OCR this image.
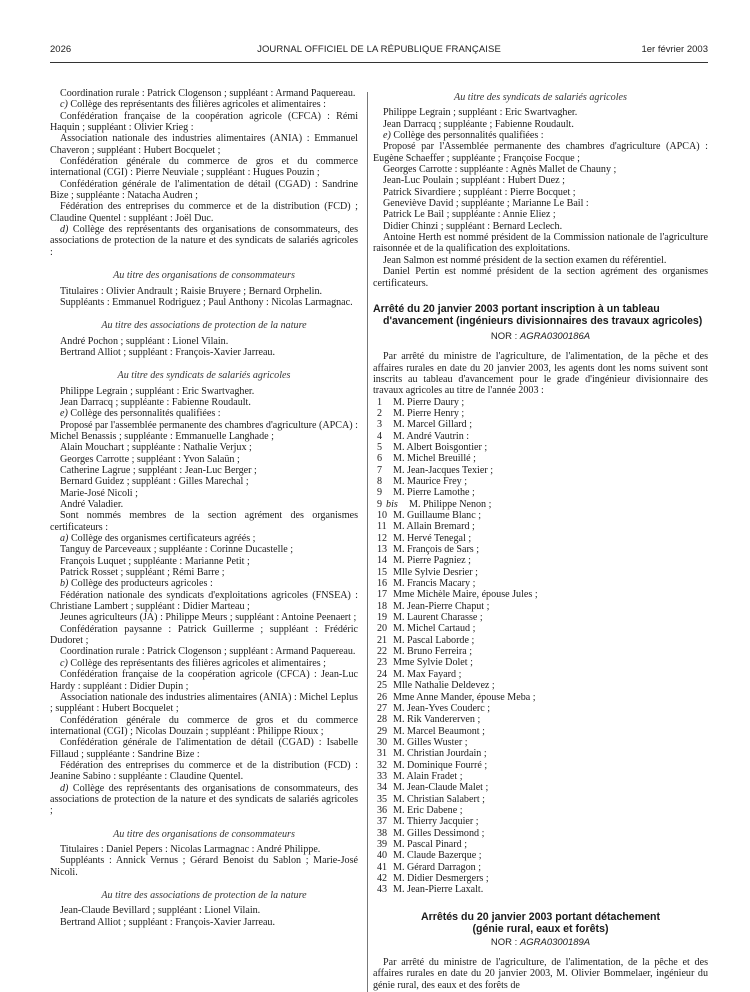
2026	JOURNAL OFFICIEL DE LA RÉPUBLIQUE FRANÇAISE	1er février 2003

Coordination rurale : Patrick Clogenson ; suppléant : Armand Paquereau.

c) Collège des représentants des filières agricoles et alimentaires :

Confédération française de la coopération agricole (CFCA) : Rémi Haquin ; suppléant : Olivier Krieg :

Association nationale des industries alimentaires (ANIA) : Emmanuel Chaveron ; suppléant : Hubert Bocquelet ;

Confédération générale du commerce de gros et du commerce international (CGI) : Pierre Neuviale ; suppléant : Hugues Pouzin ;

Confédération générale de l'alimentation de détail (CGAD) : Sandrine Bize ; suppléante : Natacha Audren ;

Fédération des entreprises du commerce et de la distribution (FCD) ; Claudine Quentel : suppléant : Joël Duc.

d) Collège des représentants des organisations de consommateurs, des associations de protection de la nature et des syndicats de salariés agricoles :

Au titre des organisations de consommateurs

Titulaires : Olivier Andrault ; Raisie Bruyere ; Bernard Orphelin.

Suppléants : Emmanuel Rodriguez ; Paul Anthony : Nicolas Larmagnac.

Au titre des associations de protection de la nature

André Pochon ; suppléant : Lionel Vilain.

Bertrand Alliot ; suppléant : François-Xavier Jarreau.

Au titre des syndicats de salariés agricoles

Philippe Legrain ; suppléant : Eric Swartvagher.

Jean Darracq ; suppléante : Fabienne Roudault.

e) Collège des personnalités qualifiées :

Proposé par l'assemblée permanente des chambres d'agriculture (APCA) : Michel Benassis ; suppléante : Emmanuelle Langhade ;

Alain Mouchart ; suppléante : Nathalie Verjux ;

Georges Carrotte ; suppléant : Yvon Salaün ;

Catherine Lagrue ; suppléant : Jean-Luc Berger ;

Bernard Guidez ; suppléant : Gilles Marechal ;

Marie-José Nicoli ;

André Valadier.

Sont nommés membres de la section agrément des organismes certificateurs :

a) Collège des organismes certificateurs agréés ;

Tanguy de Parceveaux ; suppléante : Corinne Ducastelle ;

François Luquet ; suppléante : Marianne Petit ;

Patrick Rosset ; suppléant ; Rémi Barre ;

b) Collège des producteurs agricoles :

Fédération nationale des syndicats d'exploitations agricoles (FNSEA) : Christiane Lambert ; suppléant : Didier Marteau ;

Jeunes agriculteurs (JA) : Philippe Meurs ; suppléant : Antoine Peenaert ;

Confédération paysanne : Patrick Guillerme ; suppléant : Frédéric Dudoret ;

Coordination rurale : Patrick Clogenson ; suppléant : Armand Paquereau.

c) Collège des représentants des filières agricoles et alimentaires ;

Confédération française de la coopération agricole (CFCA) : Jean-Luc Hardy : suppléant : Didier Dupin ;

Association nationale des industries alimentaires (ANIA) : Michel Leplus ; suppléant : Hubert Bocquelet ;

Confédération générale du commerce de gros et du commerce international (CGI) ; Nicolas Douzain ; suppléant : Philippe Rioux ;

Confédération générale de l'alimentation de détail (CGAD) : Isabelle Fillaud ; suppléante : Sandrine Bize :

Fédération des entreprises du commerce et de la distribution (FCD) : Jeanine Sabino : suppléante : Claudine Quentel.

d) Collège des représentants des organisations de consommateurs, des associations de protection de la nature et des syndicats de salariés agricoles ;

Au titre des organisations de consommateurs

Titulaires : Daniel Pepers : Nicolas Larmagnac : André Philippe.

Suppléants : Annick Vernus ; Gérard Benoist du Sablon ; Marie-José Nicoli.

Au titre des associations de protection de la nature

Jean-Claude Bevillard ; suppléant : Lionel Vilain.

Bertrand Alliot ; suppléant : François-Xavier Jarreau.

Au titre des syndicats de salariés agricoles

Philippe Legrain ; suppléant : Eric Swartvagher.

Jean Darracq ; suppléante ; Fabienne Roudault.

e) Collège des personnalités qualifiées :

Proposé par l'Assemblée permanente des chambres d'agriculture (APCA) : Eugène Schaeffer ; suppléante ; Françoise Focque ;

Georges Carrotte : suppléante : Agnès Mallet de Chauny ;

Jean-Luc Poulain ; suppléant : Hubert Duez ;

Patrick Sivardiere ; suppléant : Pierre Bocquet ;

Geneviève David ; suppléante ; Marianne Le Bail :

Patrick Le Bail ; suppléante : Annie Eliez ;

Didier Chinzi ; suppléant : Bernard Leclech.

Antoine Herth est nommé président de la Commission nationale de l'agriculture raisonnée et de la qualification des exploitations.

Jean Salmon est nommé président de la section examen du référentiel.

Daniel Pertin est nommé président de la section agrément des organismes certificateurs.

Arrêté du 20 janvier 2003 portant inscription à un tableau
d'avancement (ingénieurs divisionnaires des travaux agricoles)
NOR : AGRA0300186A

Par arrêté du ministre de l'agriculture, de l'alimentation, de la pêche et des affaires rurales en date du 20 janvier 2003, les agents dont les noms suivent sont inscrits au tableau d'avancement pour le grade d'ingénieur divisionnaire des travaux agricoles au titre de l'année 2003 :

1	M. Pierre Daury ;
2	M. Pierre Henry ;
3	M. Marcel Gillard ;
4	M. André Vautrin :
5	M. Albert Boisgontier ;
6	M. Michel Breuillé ;
7	M. Jean-Jacques Texier ;
8	M. Maurice Frey ;
9	M. Pierre Lamothe ;
9 bis	M. Philippe Nenon ;
10 M. Guillaume Blanc ;
11 M. Allain Bremard ;
12 M. Hervé Tenegal ;
13 M. François de Sars ;
14 M. Pierre Pagniez ;
15 Mlle Sylvie Desrier ;
16 M. Francis Macary ;
17 Mme Michèle Maire, épouse Jules ;
18 M. Jean-Pierre Chaput ;
19 M. Laurent Charasse ;
20 M. Michel Cartaud ;
21 M. Pascal Laborde ;
22 M. Bruno Ferreira ;
23 Mme Sylvie Dolet ;
24 M. Max Fayard ;
25 Mlle Nathalie Deldevez ;
26 Mme Anne Mander, épouse Meba ;
27 M. Jean-Yves Couderc ;
28 M. Rik Vandererven ;
29 M. Marcel Beaumont ;
30 M. Gilles Wuster ;
31 M. Christian Jourdain ;
32 M. Dominique Fourré ;
33 M. Alain Fradet ;
34 M. Jean-Claude Malet ;
35 M. Christian Salabert ;
36 M. Eric Dabene ;
37 M. Thierry Jacquier ;
38 M. Gilles Dessimond ;
39 M. Pascal Pinard ;
40 M. Claude Bazerque ;
41 M. Gérard Darragon ;
42 M. Didier Desmergers ;
43 M. Jean-Pierre Laxalt.
Arrêtés du 20 janvier 2003 portant détachement
(génie rural, eaux et forêts)
NOR : AGRA0300189A

Par arrêté du ministre de l'agriculture, de l'alimentation, de la pêche et des affaires rurales en date du 20 janvier 2003, M. Olivier Bommelaer, ingénieur du génie rural, des eaux et des forêts de
